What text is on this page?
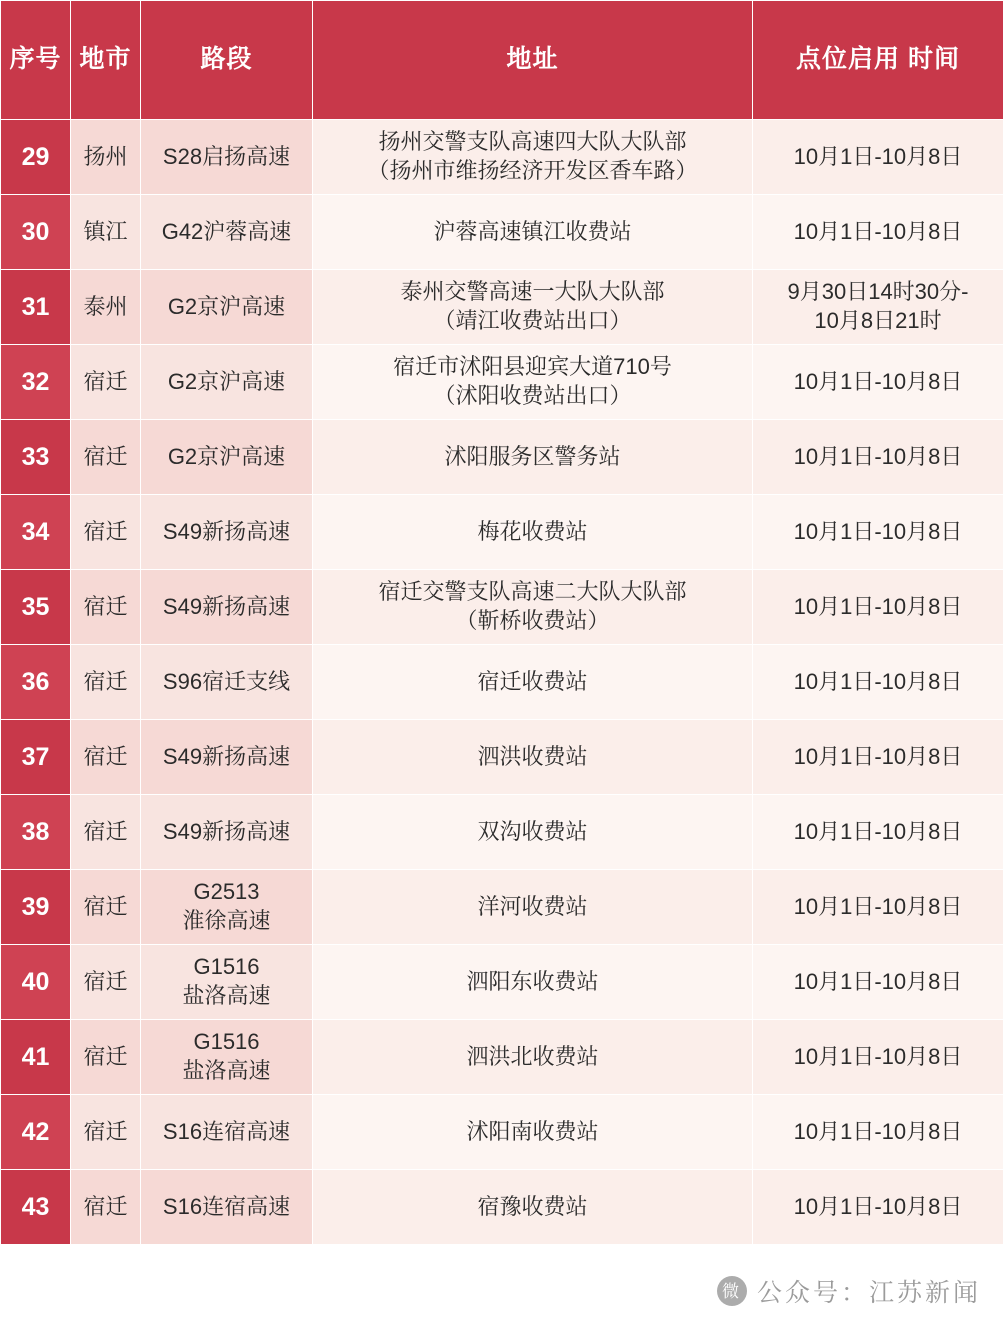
序号	地市	路段	地址	点位启用 时间
29	扬州	S28启扬高速	扬州交警支队高速四大队大队部
（扬州市维扬经济开发区香车路）	10月1日-10月8日

30	镇江	G42沪蓉高速	沪蓉高速镇江收费站	10月1日-10月8日

31	泰州	G2京沪高速	泰州交警高速一大队大队部
（靖江收费站出口）	9月30日14时30分-
10月8日21时

32	宿迁	G2京沪高速	宿迁市沭阳县迎宾大道710号
（沭阳收费站出口）	10月1日-10月8日

33	宿迁	G2京沪高速	沭阳服务区警务站	10月1日-10月8日

34	宿迁	S49新扬高速	梅花收费站	10月1日-10月8日

35	宿迁	S49新扬高速	宿迁交警支队高速二大队大队部
（靳桥收费站）	10月1日-10月8日

36	宿迁	S96宿迁支线	宿迁收费站	10月1日-10月8日

37	宿迁	S49新扬高速	泗洪收费站	10月1日-10月8日

38	宿迁	S49新扬高速	双沟收费站	10月1日-10月8日

39	宿迁	G2513
淮徐高速	洋河收费站	10月1日-10月8日

40	宿迁	G1516
盐洛高速	泗阳东收费站	10月1日-10月8日

41	宿迁	G1516
盐洛高速	泗洪北收费站	10月1日-10月8日

42	宿迁	S16连宿高速	沭阳南收费站	10月1日-10月8日

43	宿迁	S16连宿高速	宿豫收费站	10月1日-10月8日
微 公众号：江苏新闻
